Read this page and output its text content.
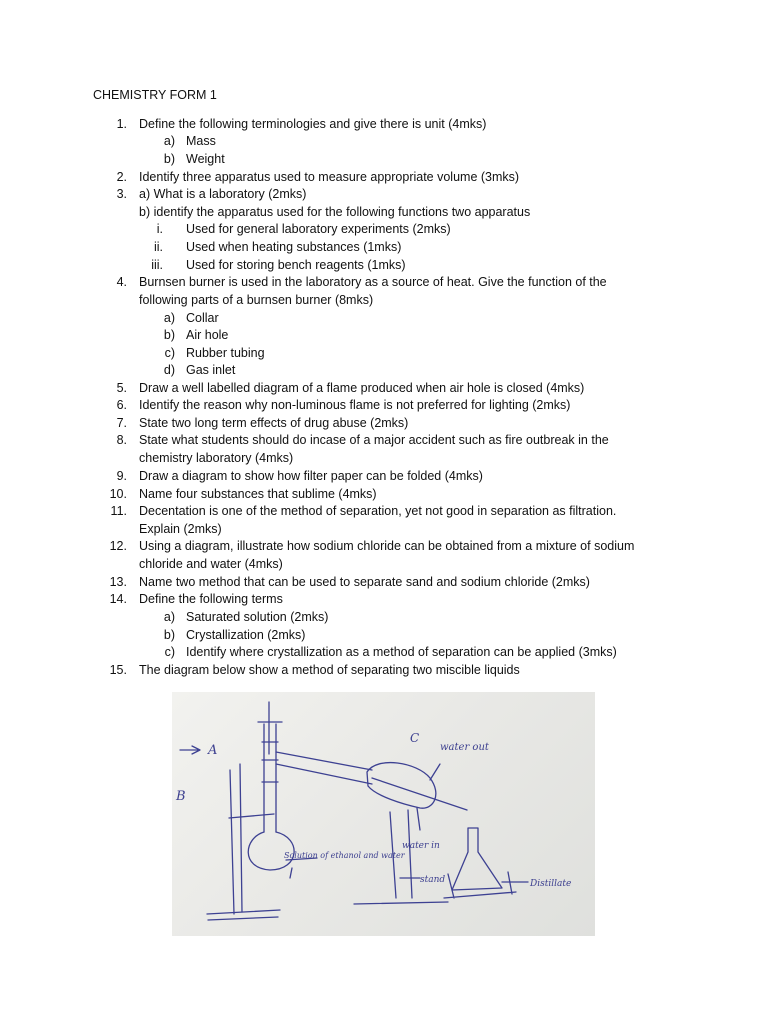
CHEMISTRY FORM 1
1. Define the following terminologies and give there is unit (4mks)
a) Mass
b) Weight
2. Identify three apparatus used to measure appropriate volume (3mks)
3. a) What is a laboratory (2mks)
b) identify the apparatus used for the following functions two apparatus
i. Used for general laboratory experiments (2mks)
ii. Used when heating substances (1mks)
iii. Used for storing bench reagents (1mks)
4. Burnsen burner is used in the laboratory as a source of heat. Give the function of the
following parts of a burnsen burner (8mks)
a) Collar
b) Air hole
c) Rubber tubing
d) Gas inlet
5. Draw a well labelled diagram of a flame produced when air hole is closed (4mks)
6. Identify the reason why non-luminous flame is not preferred for lighting (2mks)
7. State two long term effects of drug abuse (2mks)
8. State what students should do incase of a major accident such as fire outbreak in the
chemistry laboratory (4mks)
9. Draw a diagram to show how filter paper can be folded (4mks)
10. Name four substances that sublime (4mks)
11. Decentation is one of the method of separation, yet not good in separation as filtration.
Explain (2mks)
12. Using a diagram, illustrate how sodium chloride can be obtained from a mixture of sodium
chloride and water (4mks)
13. Name two method that can be used to separate sand and sodium chloride (2mks)
14. Define the following terms
a) Saturated solution (2mks)
b) Crystallization (2mks)
c) Identify where crystallization as a method of separation can be applied (3mks)
15. The diagram below show a method of separating two miscible liquids
A
B
C
water out
water in
Solution of ethanol and water
stand	Distillate
